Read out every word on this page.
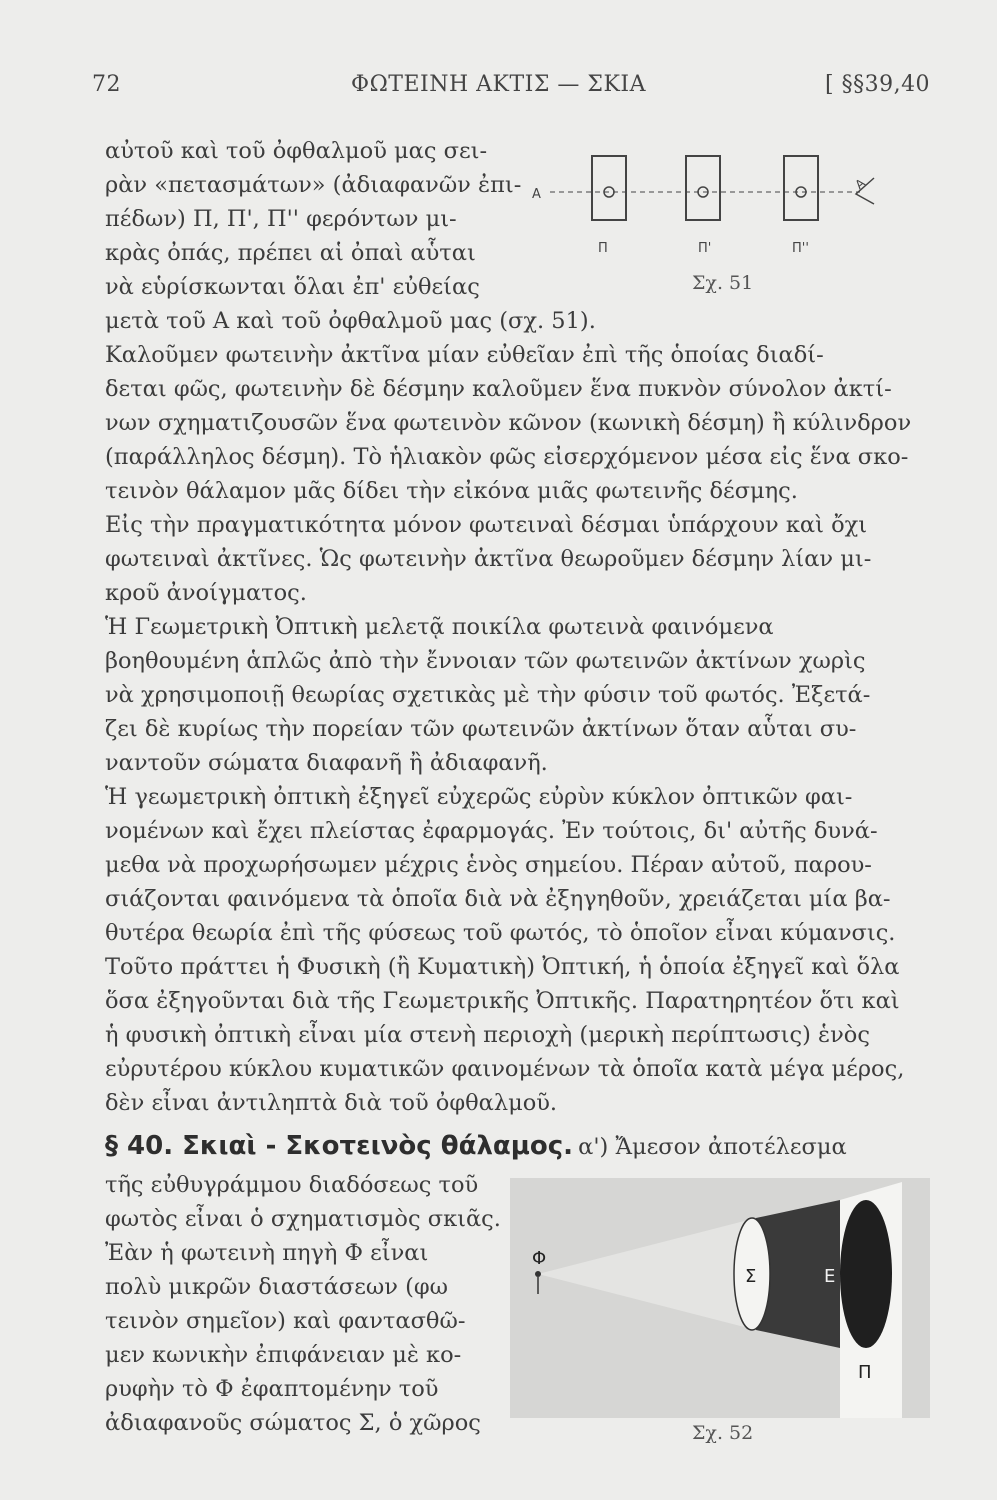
72	ΦΩΤΕΙΝΗ ΑΚΤΙΣ — ΣΚΙΑ	[ §§39,40
αὐτοῦ καὶ τοῦ ὀφθαλμοῦ μας σει-
ρὰν «πετασμάτων» (ἀδιαφανῶν ἐπι-
πέδων) Π, Π', Π'' φερόντων μι-
κρὰς ὀπάς, πρέπει αἱ ὀπαὶ αὗται
νὰ εὑρίσκωνται ὅλαι ἐπ' εὐθείας
A
A
Π	Π'	Π''
Σχ. 51
μετὰ τοῦ Α καὶ τοῦ ὀφθαλμοῦ μας (σχ. 51).
Καλοῦμεν φωτεινὴν ἀκτῖνα μίαν εὐθεῖαν ἐπὶ τῆς ὁποίας διαδί-
δεται φῶς, φωτεινὴν δὲ δέσμην καλοῦμεν ἕνα πυκνὸν σύνολον ἀκτί-
νων σχηματιζουσῶν ἕνα φωτεινὸν κῶνον (κωνικὴ δέσμη) ἢ κύλινδρον
(παράλληλος δέσμη). Τὸ ἡλιακὸν φῶς εἰσερχόμενον μέσα εἰς ἕνα σκο-
τεινὸν θάλαμον μᾶς δίδει τὴν εἰκόνα μιᾶς φωτεινῆς δέσμης.
Εἰς τὴν πραγματικότητα μόνον φωτειναὶ δέσμαι ὑπάρχουν καὶ ὄχι
φωτειναὶ ἀκτῖνες. Ὡς φωτεινὴν ἀκτῖνα θεωροῦμεν δέσμην λίαν μι-
κροῦ ἀνοίγματος.
Ἡ Γεωμετρικὴ Ὀπτικὴ μελετᾷ ποικίλα φωτεινὰ φαινόμενα
βοηθουμένη ἁπλῶς ἀπὸ τὴν ἔννοιαν τῶν φωτεινῶν ἀκτίνων χωρὶς
νὰ χρησιμοποιῇ θεωρίας σχετικὰς μὲ τὴν φύσιν τοῦ φωτός. Ἐξετά-
ζει δὲ κυρίως τὴν πορείαν τῶν φωτεινῶν ἀκτίνων ὅταν αὗται συ-
ναντοῦν σώματα διαφανῆ ἢ ἀδιαφανῆ.
Ἡ γεωμετρικὴ ὀπτικὴ ἐξηγεῖ εὐχερῶς εὐρὺν κύκλον ὀπτικῶν φαι-
νομένων καὶ ἔχει πλείστας ἐφαρμογάς. Ἐν τούτοις, δι' αὐτῆς δυνά-
μεθα νὰ προχωρήσωμεν μέχρις ἑνὸς σημείου. Πέραν αὐτοῦ, παρου-
σιάζονται φαινόμενα τὰ ὁποῖα διὰ νὰ ἐξηγηθοῦν, χρειάζεται μία βα-
θυτέρα θεωρία ἐπὶ τῆς φύσεως τοῦ φωτός, τὸ ὁποῖον εἶναι κύμανσις.
Τοῦτο πράττει ἡ Φυσικὴ (ἢ Κυματικὴ) Ὀπτική, ἡ ὁποία ἐξηγεῖ καὶ ὅλα
ὅσα ἐξηγοῦνται διὰ τῆς Γεωμετρικῆς Ὀπτικῆς. Παρατηρητέον ὅτι καὶ
ἡ φυσικὴ ὀπτικὴ εἶναι μία στενὴ περιοχὴ (μερικὴ περίπτωσις) ἑνὸς
εὐρυτέρου κύκλου κυματικῶν φαινομένων τὰ ὁποῖα κατὰ μέγα μέρος,
δὲν εἶναι ἀντιληπτὰ διὰ τοῦ ὀφθαλμοῦ.
§ 40. Σκιαὶ - Σκοτεινὸς θάλαμος. α') Ἄμεσον ἀποτέλεσμα
τῆς εὐθυγράμμου διαδόσεως τοῦ
φωτὸς εἶναι ὁ σχηματισμὸς σκιᾶς.
Ἐὰν ἡ φωτεινὴ πηγὴ Φ εἶναι
πολὺ μικρῶν διαστάσεων (φω
τεινὸν σημεῖον) καὶ φαντασθῶ-
μεν κωνικὴν ἐπιφάνειαν μὲ κο-
ρυφὴν τὸ Φ ἐφαπτομένην τοῦ
ἀδιαφανοῦς σώματος Σ, ὁ χῶρος
Φ
Σ	Ε
Π
Σχ. 52
